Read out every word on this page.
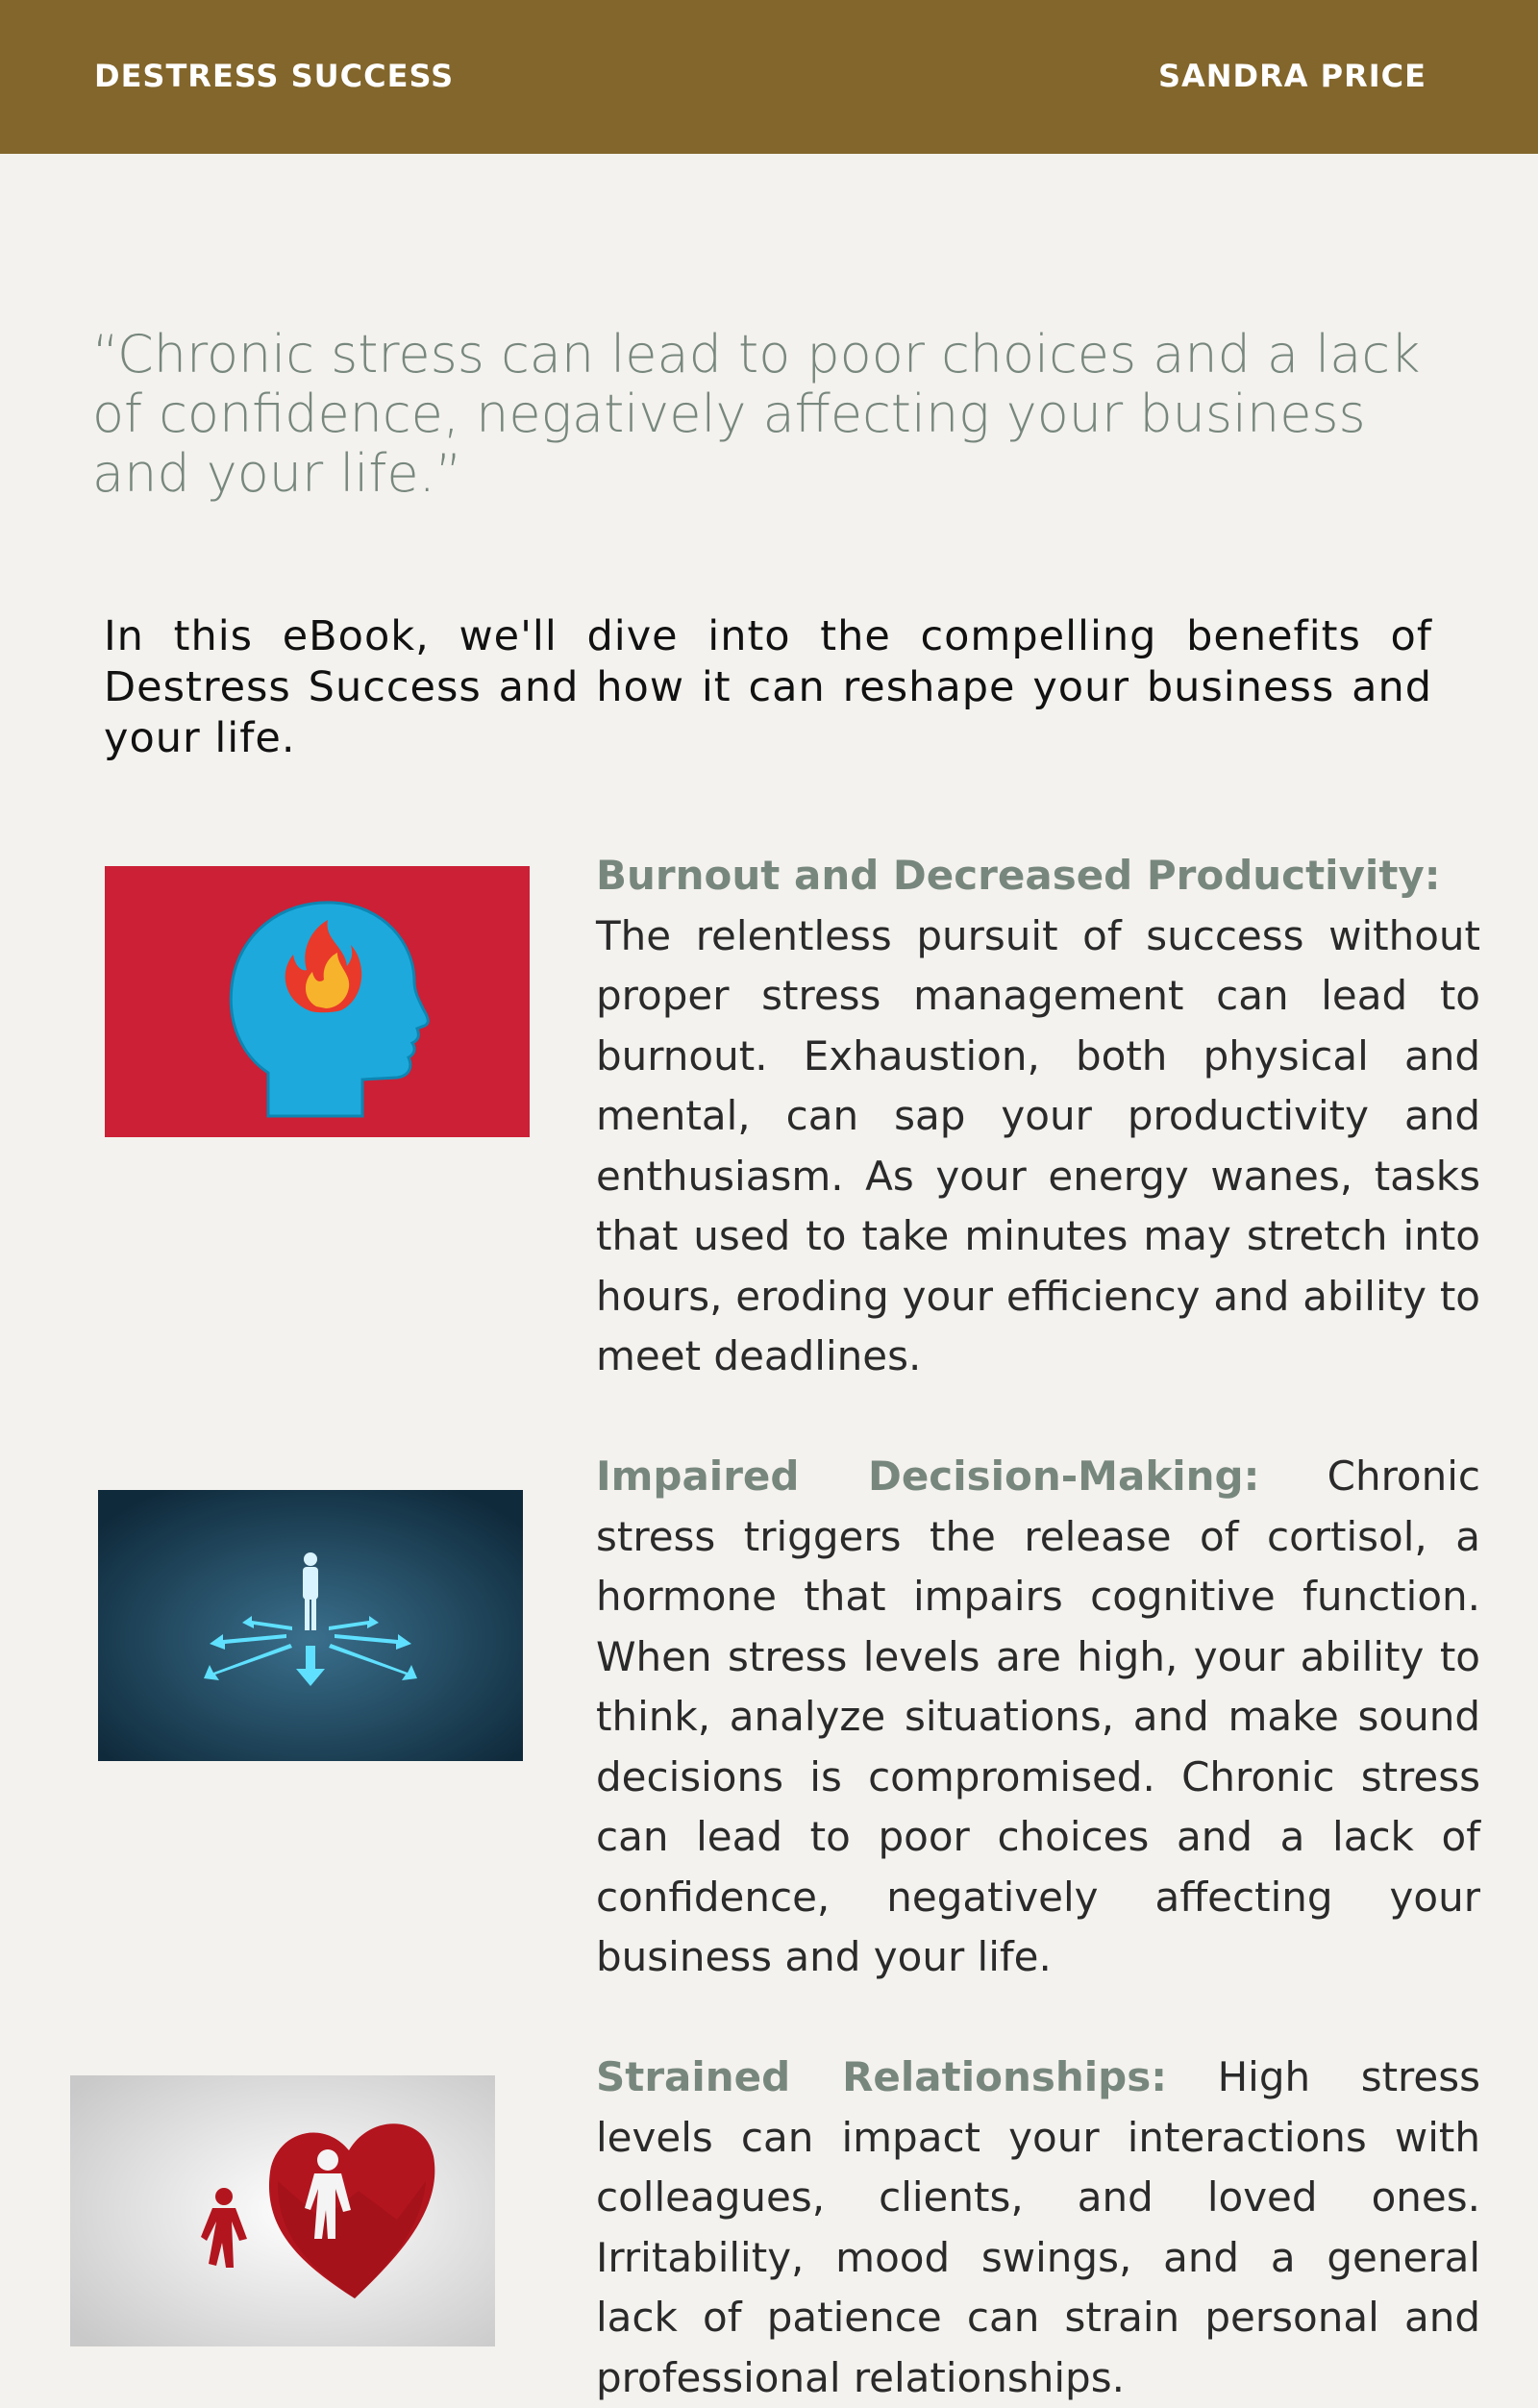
DESTRESS SUCCESS	SANDRA PRICE
“Chronic stress can lead to poor choices and a lack of confidence, negatively affecting your business and your life.”
In this eBook, we'll dive into the compelling benefits of Destress Success and how it can reshape your business and your life.
Burnout and Decreased Productivity:
The relentless pursuit of success without proper stress management can lead to burnout. Exhaustion, both physical and mental, can sap your productivity and enthusiasm. As your energy wanes, tasks that used to take minutes may stretch into hours, eroding your efficiency and ability to meet deadlines.
Impaired Decision-Making: Chronic stress triggers the release of cortisol, a hormone that impairs cognitive function. When stress levels are high, your ability to think, analyze situations, and make sound decisions is compromised. Chronic stress can lead to poor choices and a lack of confidence, negatively affecting your business and your life.
Strained Relationships: High stress levels can impact your interactions with colleagues, clients, and loved ones. Irritability, mood swings, and a general lack of patience can strain personal and professional relationships.
